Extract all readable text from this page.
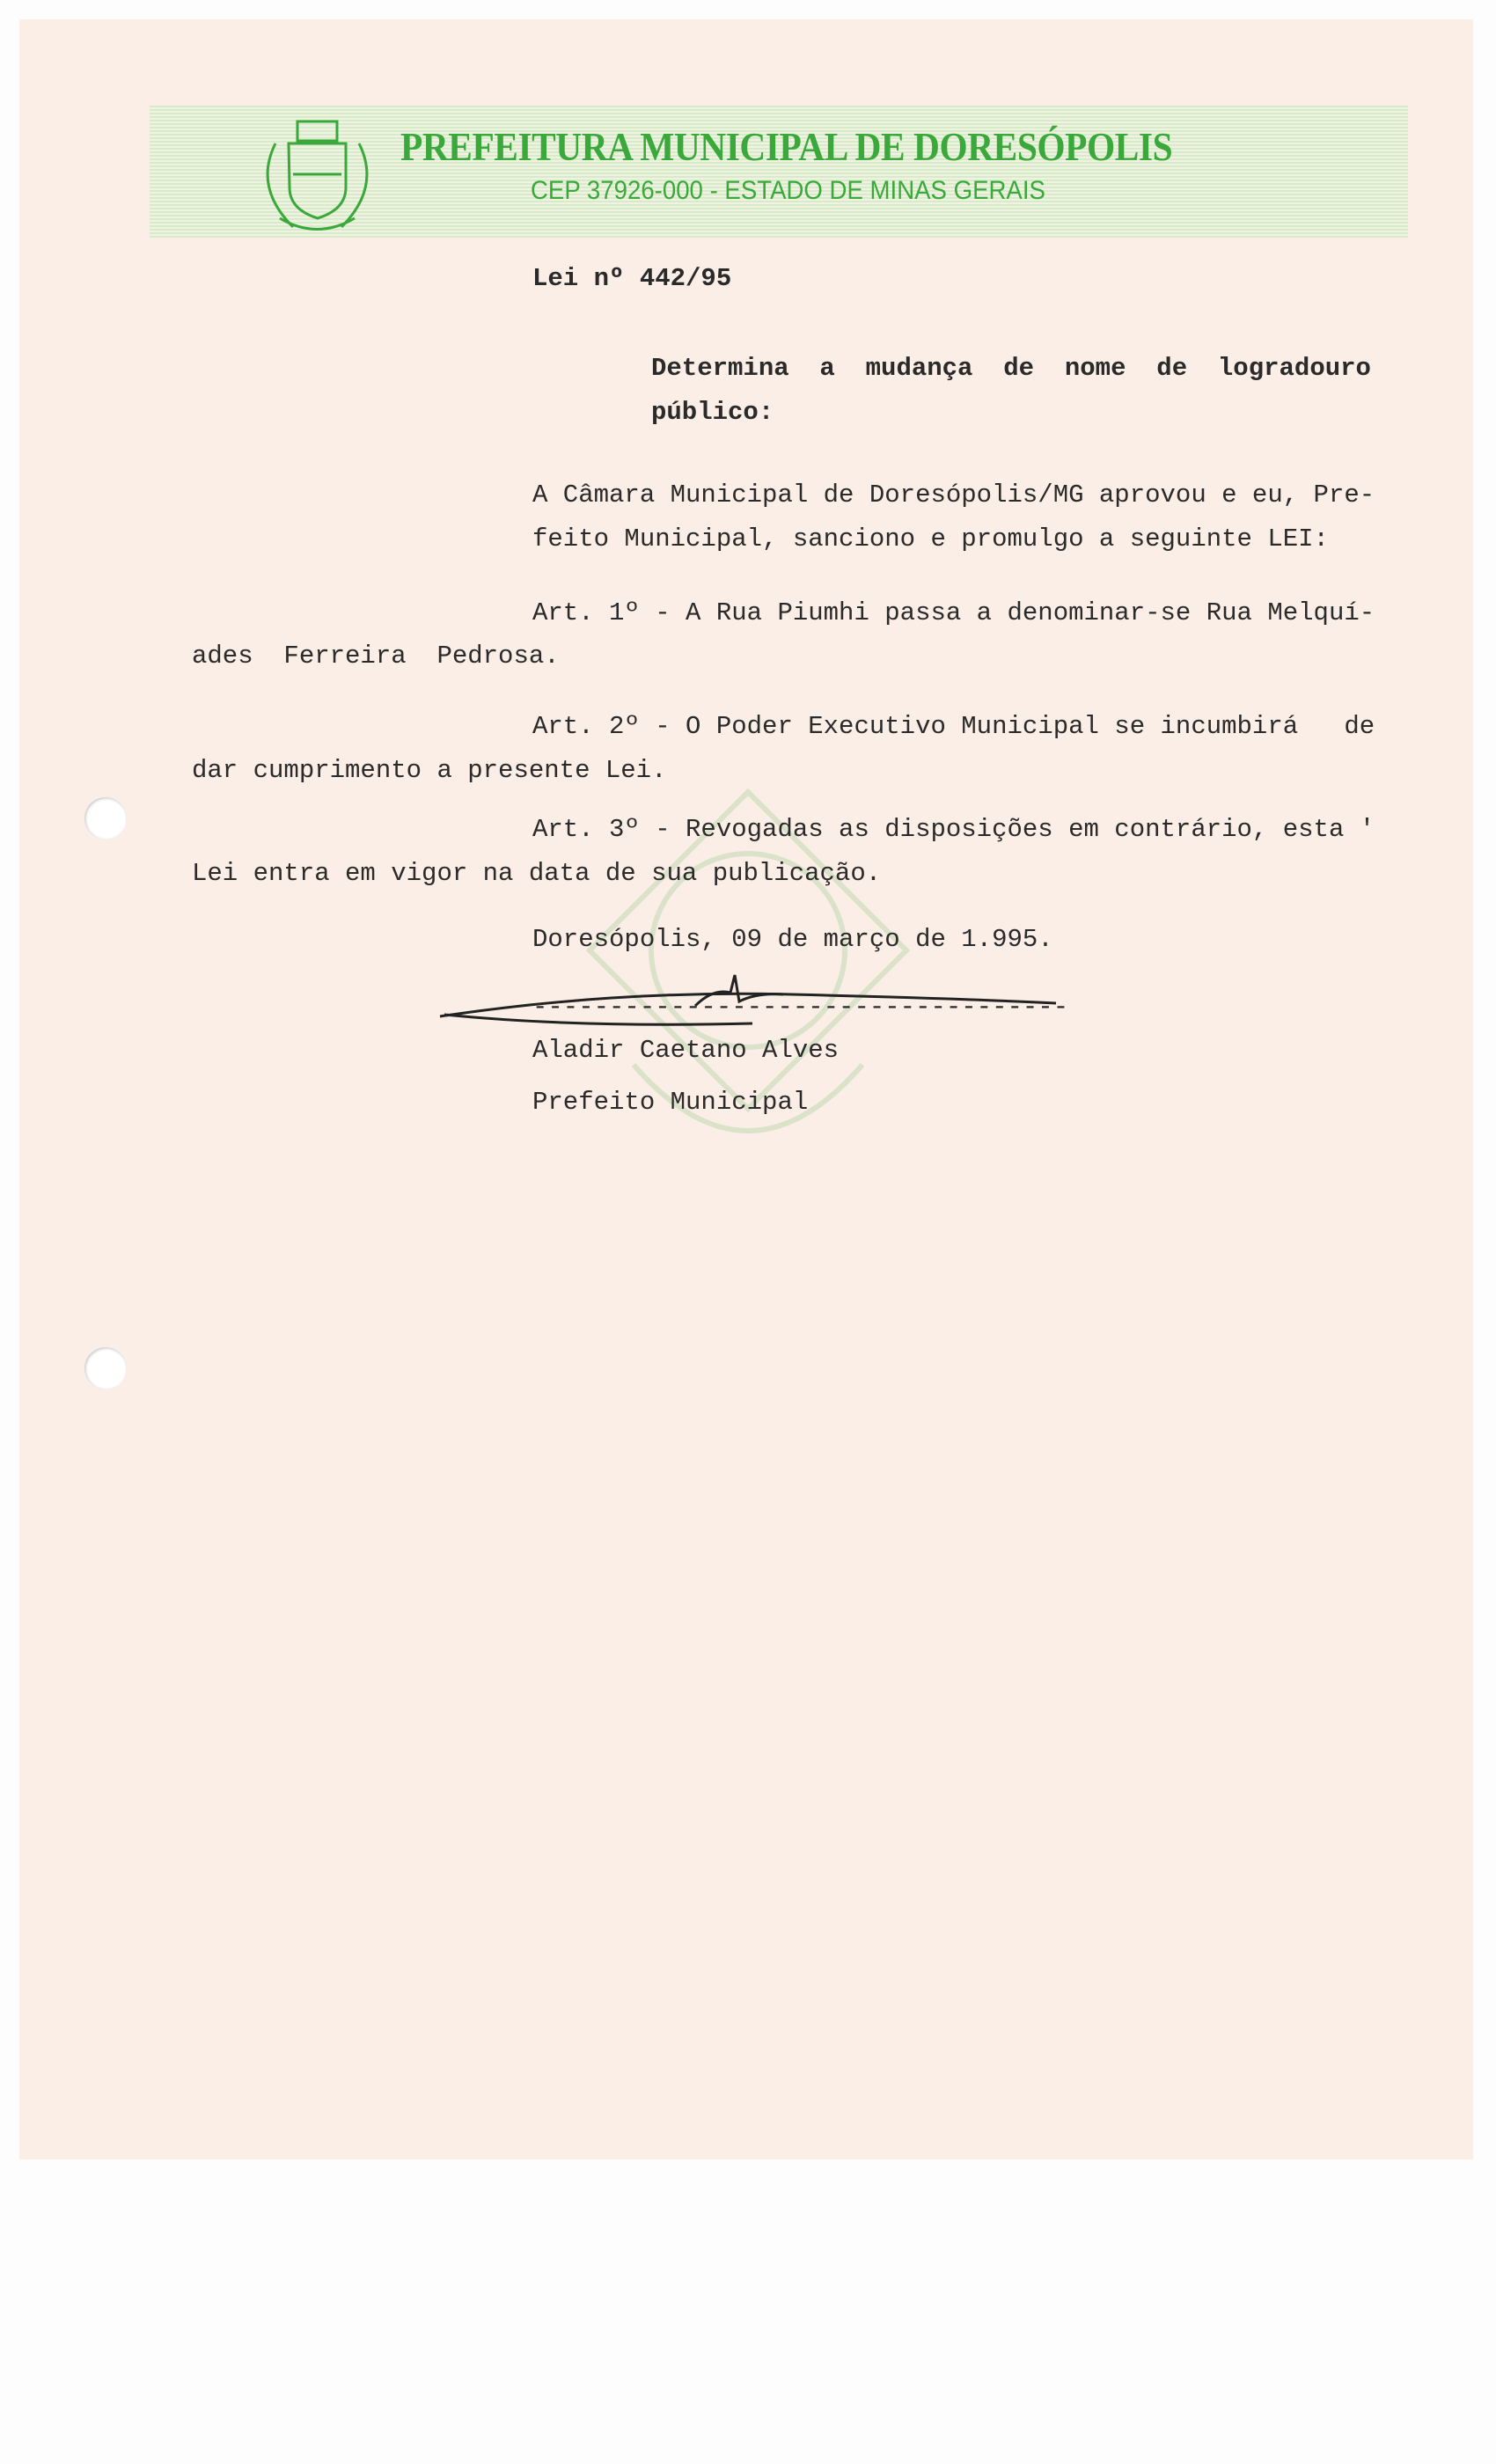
PREFEITURA MUNICIPAL DE DORESÓPOLIS
CEP 37926-000 - ESTADO DE MINAS GERAIS
Lei nº 442/95
Determina  a  mudança  de  nome  de  logradouro
público:
A Câmara Municipal de Doresópolis/MG aprovou e eu, Pre-
feito Municipal, sanciono e promulgo a seguinte LEI:
Art. 1º - A Rua Piumhi passa a denominar-se Rua Melquí-
ades  Ferreira  Pedrosa.
Art. 2º - O Poder Executivo Municipal se incumbirá   de
dar cumprimento a presente Lei.
Art. 3º - Revogadas as disposições em contrário, esta '
Lei entra em vigor na data de sua publicação.
Doresópolis, 09 de março de 1.995.
-----------------------------------
Aladir Caetano Alves
Prefeito Municipal
